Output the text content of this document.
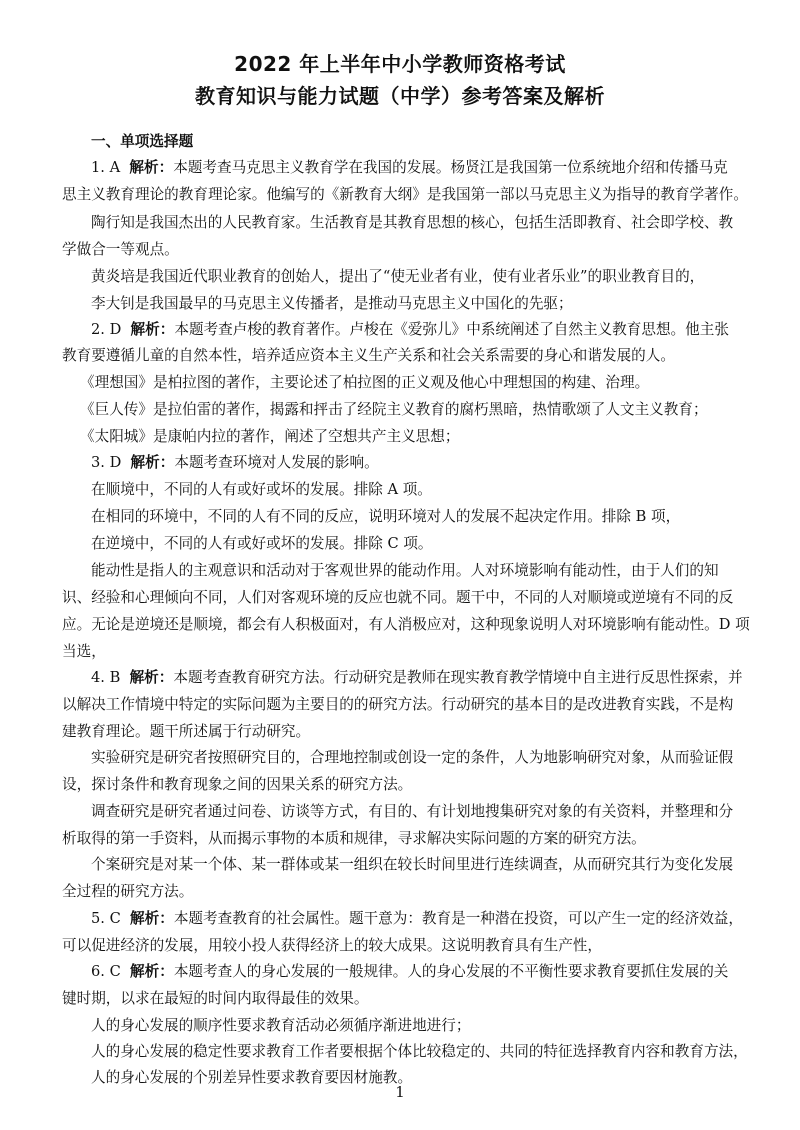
2022 年上半年中小学教师资格考试
教育知识与能力试题（中学）参考答案及解析
一、单项选择题
1. A 解析：本题考查马克思主义教育学在我国的发展。杨贤江是我国第一位系统地介绍和传播马克
思主义教育理论的教育理论家。他编写的《新教育大纲》是我国第一部以马克思主义为指导的教育学著作。
陶行知是我国杰出的人民教育家。生活教育是其教育思想的核心，包括生活即教育、社会即学校、教
学做合一等观点。
黄炎培是我国近代职业教育的创始人，提出了“使无业者有业，使有业者乐业”的职业教育目的，
李大钊是我国最早的马克思主义传播者，是推动马克思主义中国化的先驱；
2. D 解析：本题考查卢梭的教育著作。卢梭在《爱弥儿》中系统阐述了自然主义教育思想。他主张
教育要遵循儿童的自然本性，培养适应资本主义生产关系和社会关系需要的身心和谐发展的人。
《理想国》是柏拉图的著作，主要论述了柏拉图的正义观及他心中理想国的构建、治理。
《巨人传》是拉伯雷的著作，揭露和抨击了经院主义教育的腐朽黑暗，热情歌颂了人文主义教育；
《太阳城》是康帕内拉的著作，阐述了空想共产主义思想；
3. D 解析：本题考查环境对人发展的影响。
在顺境中，不同的人有或好或坏的发展。排除 A 项。
在相同的环境中，不同的人有不同的反应，说明环境对人的发展不起决定作用。排除 B 项，
在逆境中，不同的人有或好或坏的发展。排除 C 项。
能动性是指人的主观意识和活动对于客观世界的能动作用。人对环境影响有能动性，由于人们的知
识、经验和心理倾向不同，人们对客观环境的反应也就不同。题干中，不同的人对顺境或逆境有不同的反
应。无论是逆境还是顺境，都会有人积极面对，有人消极应对，这种现象说明人对环境影响有能动性。D 项
当选，
4. B 解析：本题考查教育研究方法。行动研究是教师在现实教育教学情境中自主进行反思性探索，并
以解决工作情境中特定的实际问题为主要目的的研究方法。行动研究的基本目的是改进教育实践，不是构
建教育理论。题干所述属于行动研究。
实验研究是研究者按照研究目的，合理地控制或创设一定的条件，人为地影响研究对象，从而验证假
设，探讨条件和教育现象之间的因果关系的研究方法。
调查研究是研究者通过问卷、访谈等方式，有目的、有计划地搜集研究对象的有关资料，并整理和分
析取得的第一手资料，从而揭示事物的本质和规律，寻求解决实际问题的方案的研究方法。
个案研究是对某一个体、某一群体或某一组织在较长时间里进行连续调查，从而研究其行为变化发展
全过程的研究方法。
5. C 解析：本题考查教育的社会属性。题干意为：教育是一种潜在投资，可以产生一定的经济效益，
可以促进经济的发展，用较小投人获得经济上的较大成果。这说明教育具有生产性，
6. C 解析：本题考查人的身心发展的一般规律。人的身心发展的不平衡性要求教育要抓住发展的关
键时期，以求在最短的时间内取得最佳的效果。
人的身心发展的顺序性要求教育活动必须循序渐进地进行；
人的身心发展的稳定性要求教育工作者要根据个体比较稳定的、共同的特征选择教育内容和教育方法，
人的身心发展的个别差异性要求教育要因材施教。
1
